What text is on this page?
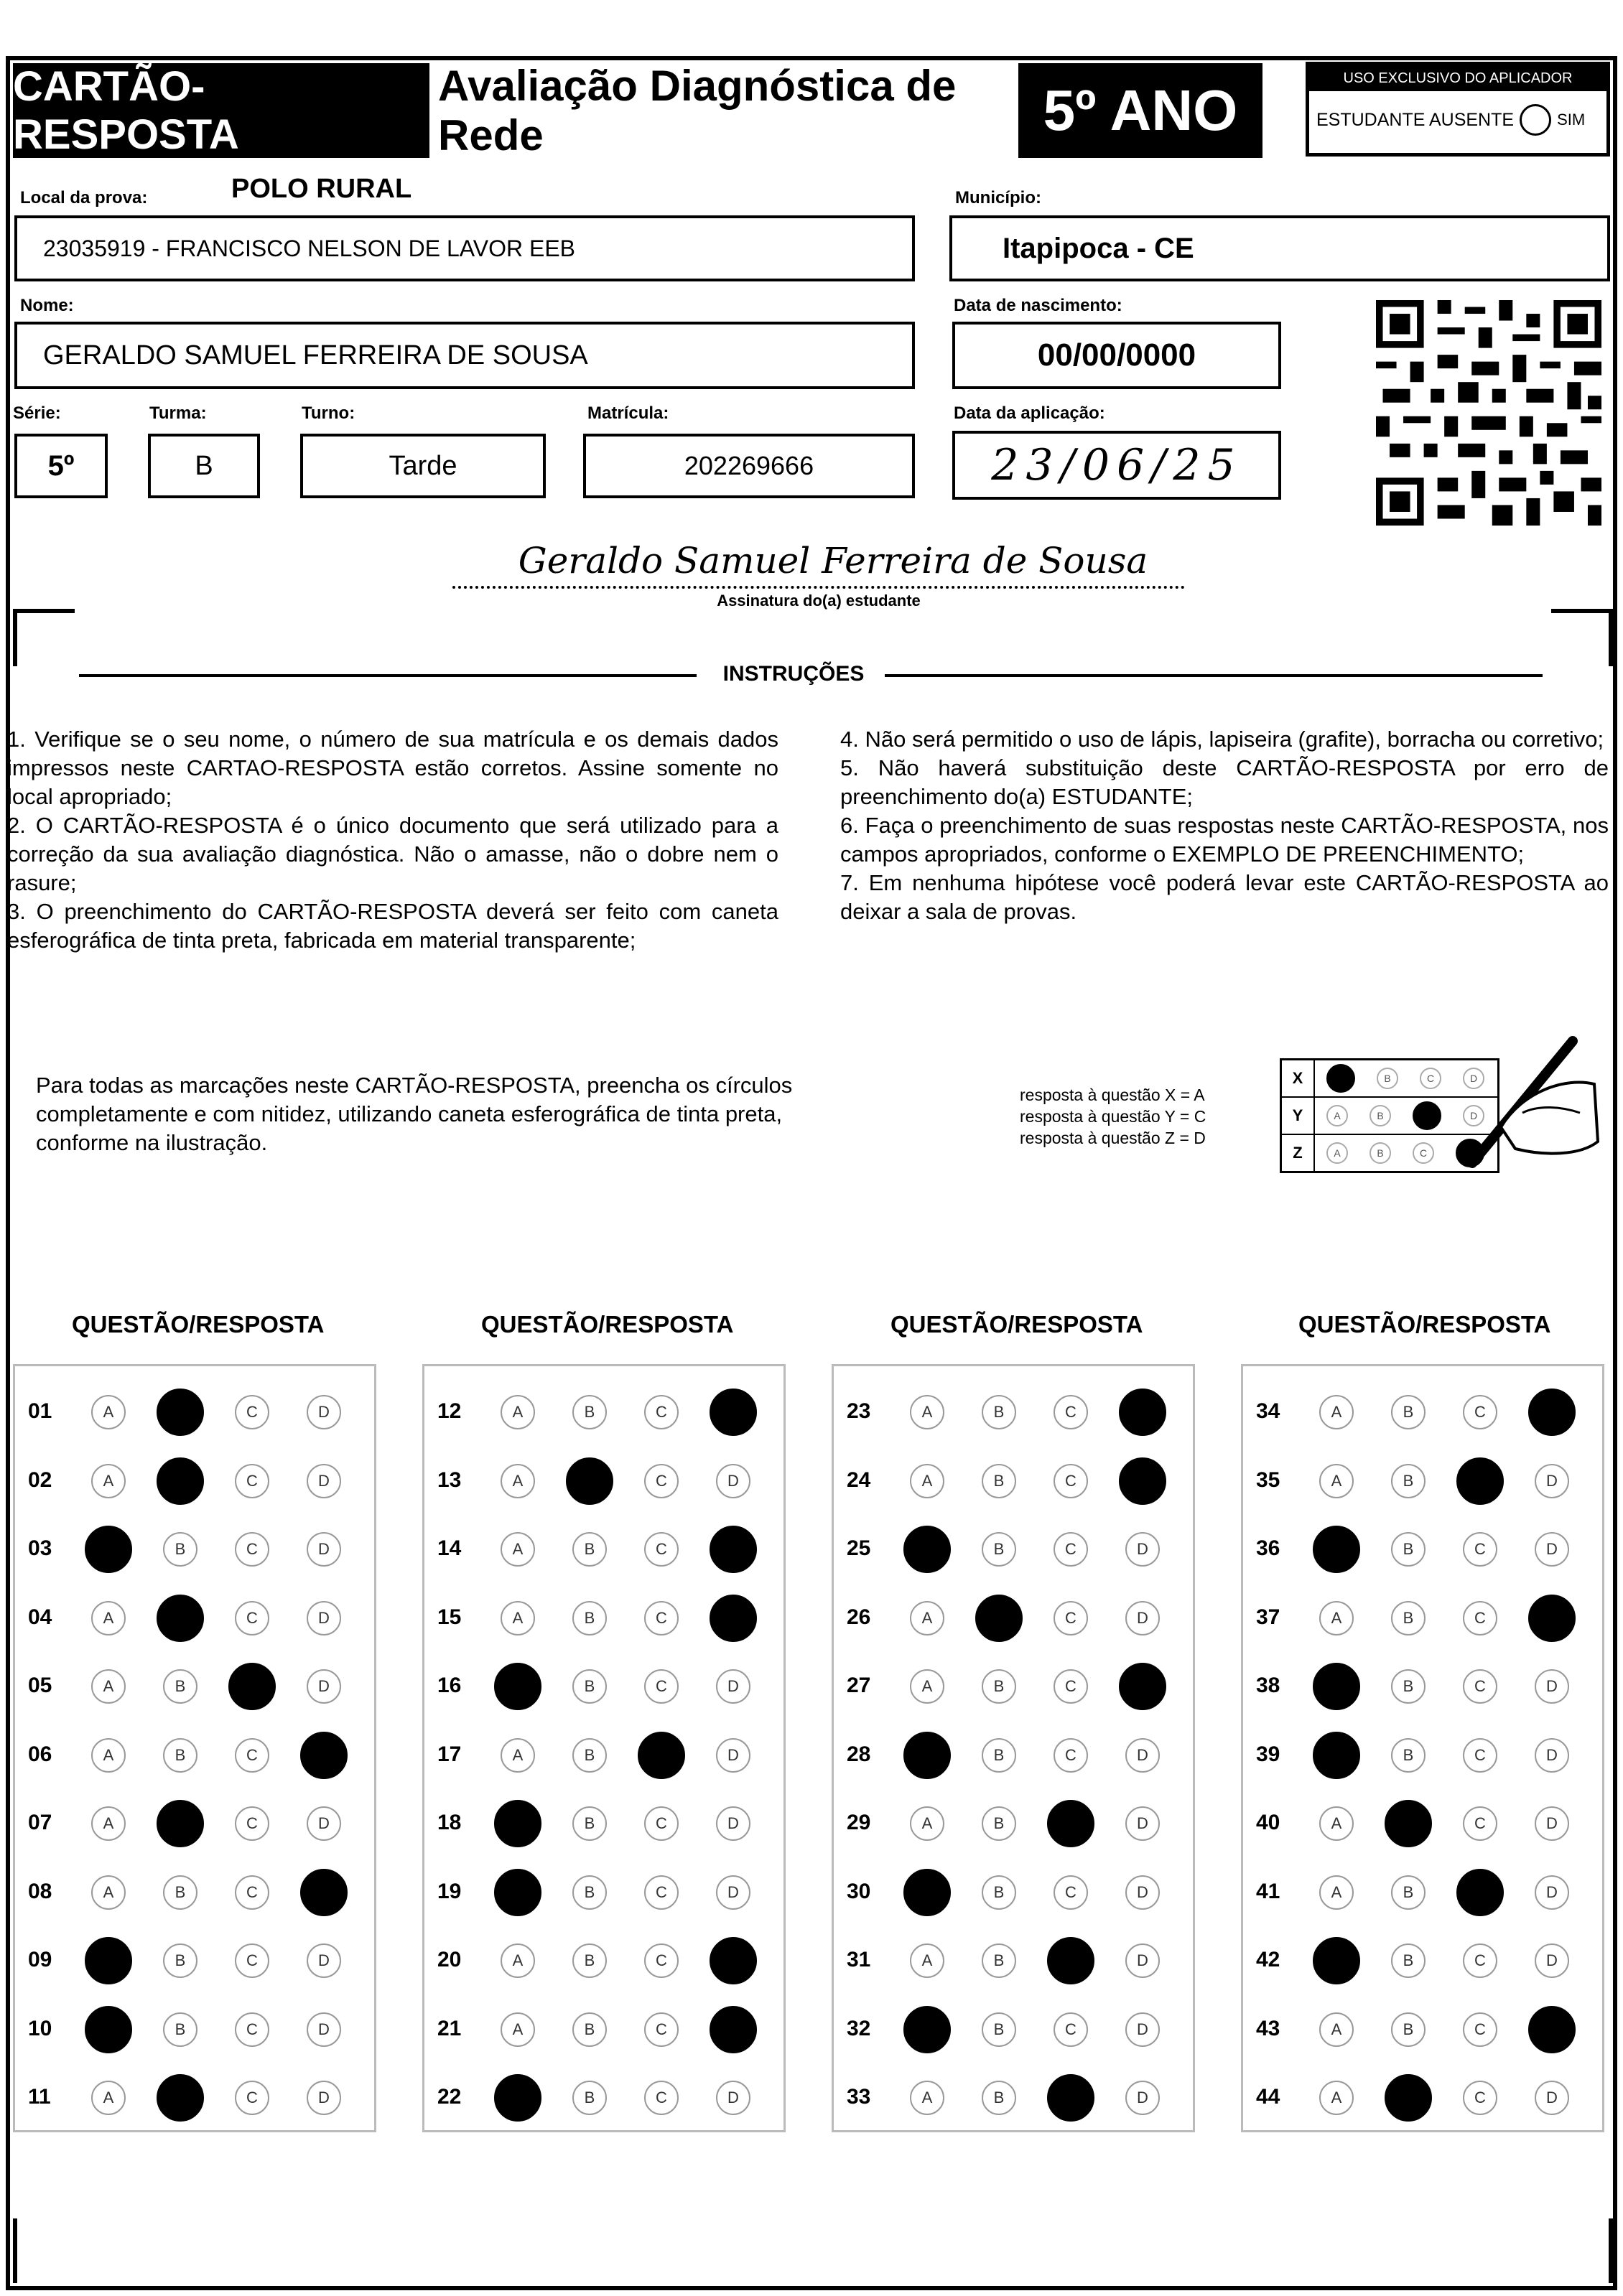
CARTÃO-RESPOSTA
Avaliação Diagnóstica de Rede	5º ANO
USO EXCLUSIVO DO APLICADOR
ESTUDANTE AUSENTE	SIM
Local da prova:	POLO RURAL
23035919 - FRANCISCO NELSON DE LAVOR EEB
Município:
Itapipoca - CE
Nome:
GERALDO SAMUEL FERREIRA DE SOUSA
Data de nascimento:
00/00/0000
Série:
5º
Turma:
B
Turno:
Tarde
Matrícula:
202269666
Data da aplicação:
23/06/25
Geraldo Samuel Ferreira de Sousa
Assinatura do(a) estudante
INSTRUÇÕES

1. Verifique se o seu nome, o número de sua matrícula e os demais dados impressos neste CARTAO-RESPOSTA estão corretos. Assine somente no local apropriado;

2. O CARTÃO-RESPOSTA é o único documento que será utilizado para a correção da sua avaliação diagnóstica. Não o amasse, não o dobre nem o rasure;

3. O preenchimento do CARTÃO-RESPOSTA deverá ser feito com caneta esferográfica de tinta preta, fabricada em material transparente;

4. Não será permitido o uso de lápis, lapiseira (grafite), borracha ou corretivo;

5. Não haverá substituição deste CARTÃO-RESPOSTA por erro de preenchimento do(a) ESTUDANTE;

6. Faça o preenchimento de suas respostas neste CARTÃO-RESPOSTA, nos campos apropriados, conforme o EXEMPLO DE PREENCHIMENTO;

7. Em nenhuma hipótese você poderá levar este CARTÃO-RESPOSTA ao deixar a sala de provas.

Para todas as marcações neste CARTÃO-RESPOSTA, preencha os círculos completamente e com nitidez, utilizando caneta esferográfica de tinta preta, conforme na ilustração.
resposta à questão X = A
resposta à questão Y = C
resposta à questão Z = D
X	B	C	D
Y	A	B	D
Z	A	B	C
QUESTÃO/RESPOSTA
01	A	B	C	D
02	A	B	C	D
03	A	B	C	D
04	A	B	C	D
05	A	B	C	D
06	A	B	C	D
07	A	B	C	D
08	A	B	C	D
09	A	B	C	D
10	A	B	C	D
11	A	B	C	D
QUESTÃO/RESPOSTA
12	A	B	C	D
13	A	B	C	D
14	A	B	C	D
15	A	B	C	D
16	A	B	C	D
17	A	B	C	D
18	A	B	C	D
19	A	B	C	D
20	A	B	C	D
21	A	B	C	D
22	A	B	C	D
QUESTÃO/RESPOSTA
23	A	B	C	D
24	A	B	C	D
25	A	B	C	D
26	A	B	C	D
27	A	B	C	D
28	A	B	C	D
29	A	B	C	D
30	A	B	C	D
31	A	B	C	D
32	A	B	C	D
33	A	B	C	D
QUESTÃO/RESPOSTA
34	A	B	C	D
35	A	B	C	D
36	A	B	C	D
37	A	B	C	D
38	A	B	C	D
39	A	B	C	D
40	A	B	C	D
41	A	B	C	D
42	A	B	C	D
43	A	B	C	D
44	A	B	C	D
